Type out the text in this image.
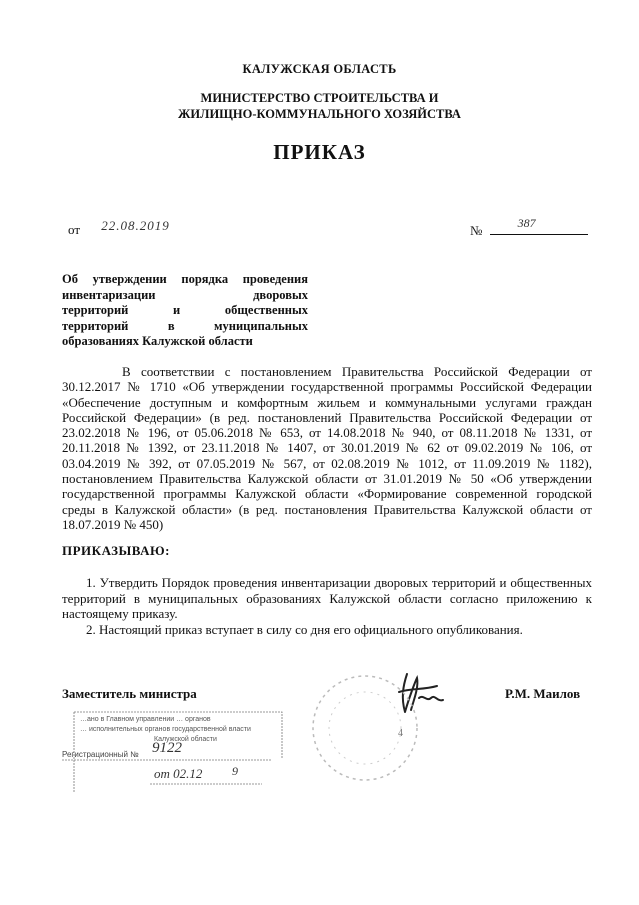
КАЛУЖСКАЯ ОБЛАСТЬ
МИНИСТЕРСТВО СТРОИТЕЛЬСТВА И
ЖИЛИЩНО-КОММУНАЛЬНОГО ХОЗЯЙСТВА
ПРИКАЗ
от 22.08.2019	№	387
Об утверждении порядка проведения
инвентаризации дворовых
территорий и общественных
территорий в муниципальных
образованиях Калужской области

В соответствии с постановлением Правительства Российской Федерации от 30.12.2017 № 1710 «Об утверждении государственной программы Российской Федерации «Обеспечение доступным и комфортным жильем и коммунальными услугами граждан Российской Федерации» (в ред. постановлений Правительства Российской Федерации от 23.02.2018 № 196, от 05.06.2018 № 653, от 14.08.2018 № 940, от 08.11.2018 № 1331, от 20.11.2018 № 1392, от 23.11.2018 № 1407, от 30.01.2019 № 62 от 09.02.2019 № 106, от 03.04.2019 № 392, от 07.05.2019 № 567, от 02.08.2019 № 1012, от 11.09.2019 № 1182), постановлением Правительства Калужской области от 31.01.2019 № 50 «Об утверждении государственной программы Калужской области «Формирование современной городской среды в Калужской области» (в ред. постановления Правительства Калужской области от 18.07.2019 № 450)

ПРИКАЗЫВАЮ:

1. Утвердить Порядок проведения инвентаризации дворовых территорий и общественных территорий в муниципальных образованиях Калужской области согласно приложению к настоящему приказу.

2. Настоящий приказ вступает в силу со дня его официального опубликования.

Заместитель министра	Р.М. Маилов
4
…ано в Главном управлении … органов
… исполнительных органов государственной власти
Калужской области
Регистрационный № 9122
от 02.12 9
